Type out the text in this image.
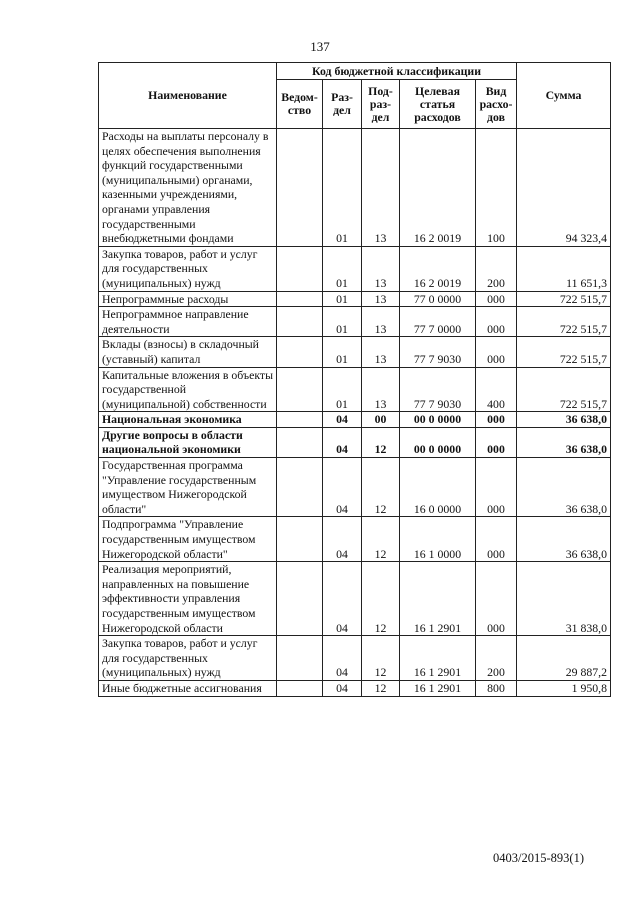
137
Наименование	Код бюджетной классификации					Сумма
	Ведом-ство	Раз-дел	Под-раз-дел	Целевая статья расходов	Вид расхо-дов	
Расходы на выплаты персоналу в целях обеспечения выполнения функций государственными (муниципальными) органами, казенными учреждениями, органами управления государственными внебюджетными фондами		01	13	16 2 0019	100	94 323,4
Закупка товаров, работ и услуг для государственных (муниципальных) нужд		01	13	16 2 0019	200	11 651,3
Непрограммные расходы		01	13	77 0 0000	000	722 515,7
Непрограммное направление деятельности		01	13	77 7 0000	000	722 515,7
Вклады (взносы) в складочный (уставный) капитал		01	13	77 7 9030	000	722 515,7
Капитальные вложения в объекты государственной (муниципальной) собственности		01	13	77 7 9030	400	722 515,7
Национальная экономика		04	00	00 0 0000	000	36 638,0
Другие вопросы в области национальной экономики		04	12	00 0 0000	000	36 638,0
Государственная программа "Управление государственным имуществом Нижегородской области"		04	12	16 0 0000	000	36 638,0
Подпрограмма "Управление государственным имуществом Нижегородской области"		04	12	16 1 0000	000	36 638,0
Реализация мероприятий, направленных на повышение эффективности управления государственным имуществом Нижегородской области		04	12	16 1 2901	000	31 838,0
Закупка товаров, работ и услуг для государственных (муниципальных) нужд		04	12	16 1 2901	200	29 887,2
Иные бюджетные ассигнования		04	12	16 1 2901	800	1 950,8
0403/2015-893(1)
